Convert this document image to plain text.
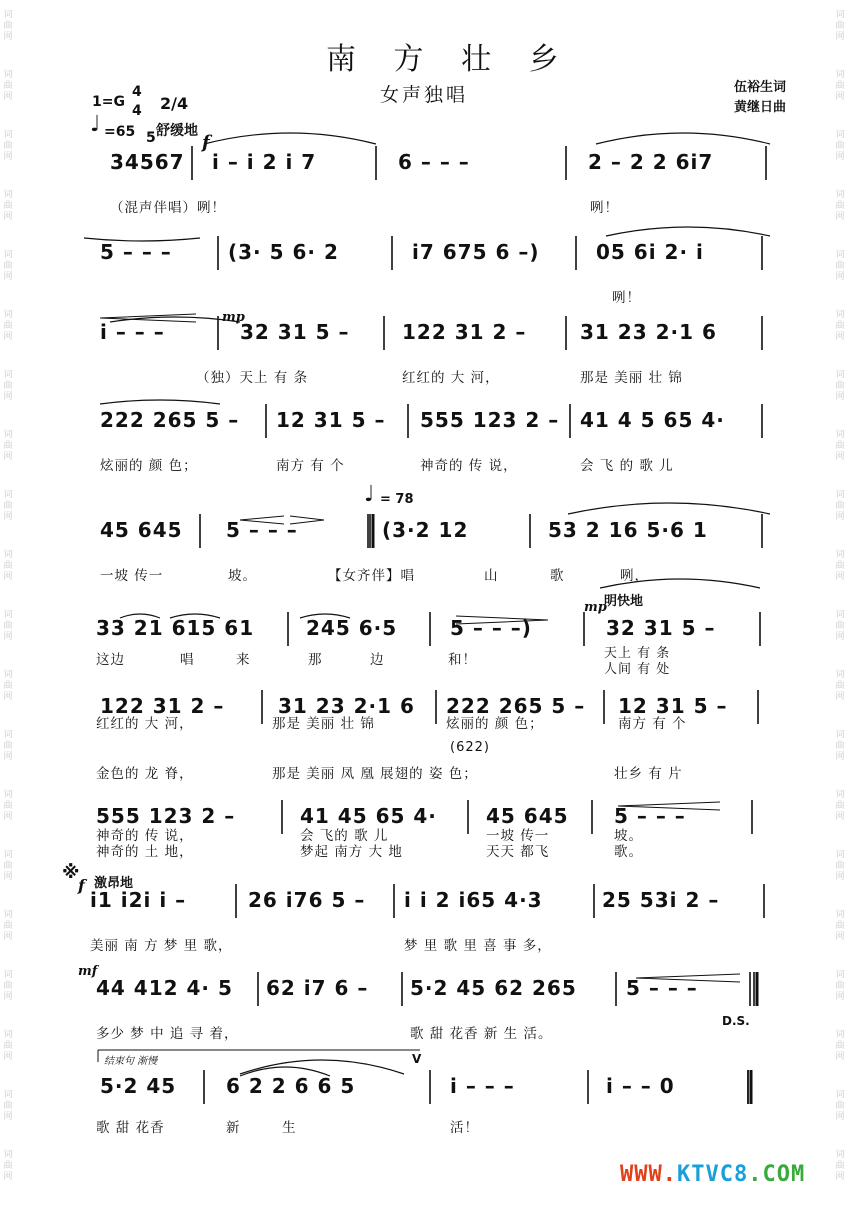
词
曲
网
词
曲
网
词
曲
网
词
曲
网
词
曲
网
词
曲
网
词
曲
网
词
曲
网
词
曲
网
词
曲
网
词
曲
网
词
曲
网
词
曲
网
词
曲
网
词
曲
网
词
曲
网
词
曲
网
词
曲
网
词
曲
网
词
曲
网
词
曲
网
词
曲
网
词
曲
网
词
曲
网
词
曲
网
词
曲
网
词
曲
网
词
曲
网
词
曲
网
词
曲
网
词
曲
网
词
曲
网
词
曲
网
词
曲
网
词
曲
网
词
曲
网
词
曲
网
词
曲
网
词
曲
网
词
曲
网
南 方 壮 乡
女声独唱	伍裕生词
黄继日曲
1=G
4
4 2/4
♩ =65 5 舒缓地
f
34567 i – i 2 i 7	6 – – –	2 – 2 2 6i7
（混声伴唱）咧！	咧！
5 – – –	(3· 5 6· 2	i7 675 6 –)	05 6i 2· i
咧！
i – – –	32 31 5 –	122 31 2 –	31 23 2·1 6
（独）天上 有 条	红红的 大 河，	那是 美丽 壮 锦
222 265 5 – 12 31 5 – 555 123 2 – 41 4 5 65 4·
炫丽的 颜 色；	南方 有 个	神奇的 传 说，	会 飞 的 歌 儿
45 645 5 – – –	(3·2 12	53 2 16 5·6 1
一坡 传一	坡。	【女齐伴】唱	山	歌	咧，
33 21 615 61	245 6·5	5 – – –)	32 31 5 –
这边	唱	来	那	边	和！	天上 有 条
人间 有 处
122 31 2 –	31 23 2·1 6 222 265 5 – 12 31 5 –
红红的 大 河，	那是 美丽 壮 锦	炫丽的 颜 色；	南方 有 个
金色的 龙 脊，	那是 美丽 凤 凰 展翅的 姿 色；	壮乡 有 片
555 123 2 –	41 45 65 4· 45 645 5 – – –
神奇的 传 说，	会 飞的 歌 儿	一坡 传一	坡。
神奇的 土 地，	梦起 南方 大 地	天天 都飞	歌。
i1 i2i i –	26 i76 5 – i i 2 i65 4·3	25 53i 2 –
美丽 南 方 梦 里 歌，	梦 里 歌 里 喜 事 多，
44 412 4· 5 62 i7 6 – 5·2 45 62 265 5 – – –
多少 梦 中 追 寻 着，	歌 甜 花香 新 生 活。
5·2 45 6 2 2 6 6 5	i – – –	i – – 0
歌 甜 花香	新	生	活！
mp
mp
f
mf
V
♩ = 78
明快地
激昂地
※
D.S.
(622)
结束句 渐慢
WWW.KTVC8.COM
